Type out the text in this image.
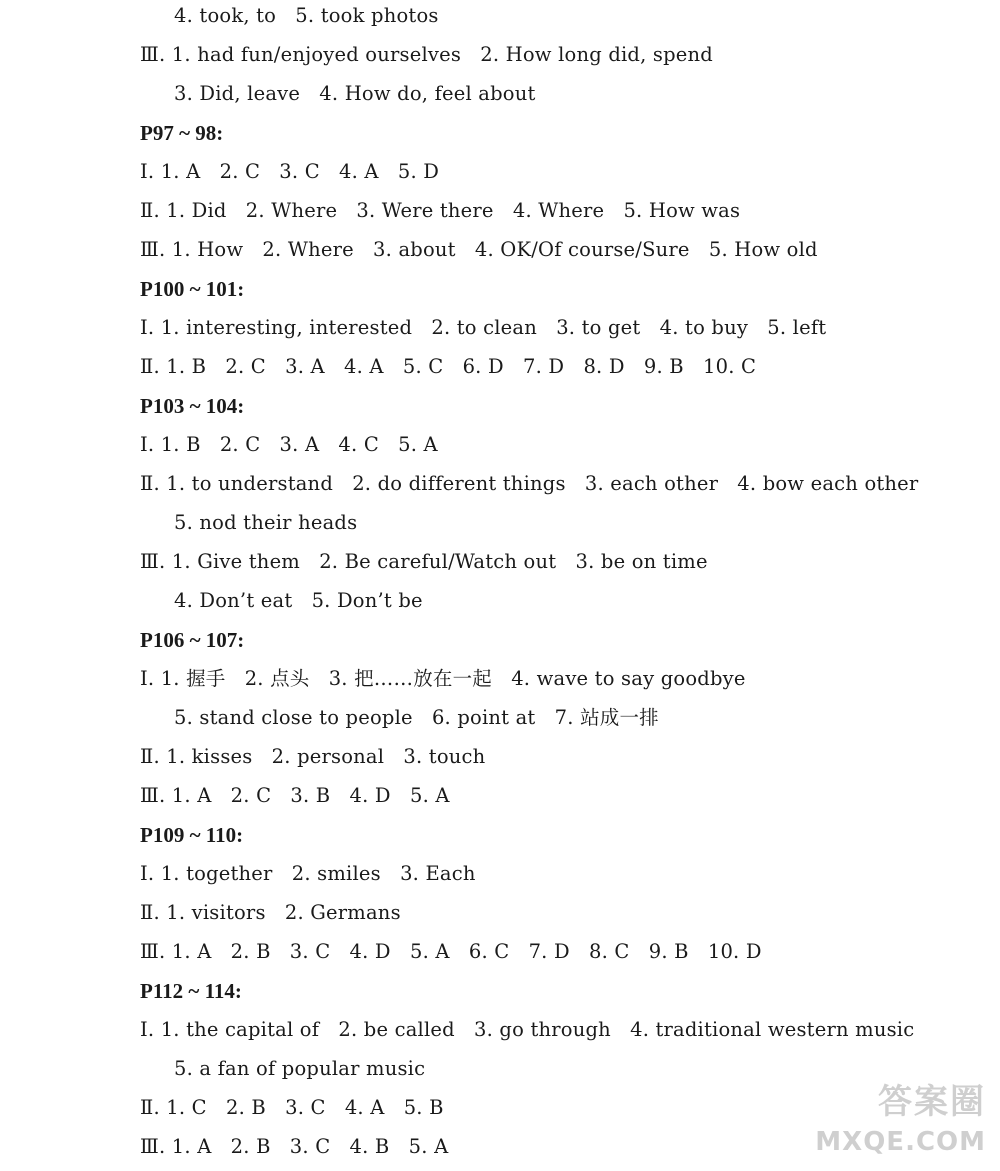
4. took, to   5. took photos
Ⅲ. 1. had fun/enjoyed ourselves   2. How long did, spend
3. Did, leave   4. How do, feel about
P97 ~ 98:
Ⅰ. 1. A   2. C   3. C   4. A   5. D
Ⅱ. 1. Did   2. Where   3. Were there   4. Where   5. How was
Ⅲ. 1. How   2. Where   3. about   4. OK/Of course/Sure   5. How old
P100 ~ 101:
Ⅰ. 1. interesting, interested   2. to clean   3. to get   4. to buy   5. left
Ⅱ. 1. B   2. C   3. A   4. A   5. C   6. D   7. D   8. D   9. B   10. C
P103 ~ 104:
Ⅰ. 1. B   2. C   3. A   4. C   5. A
Ⅱ. 1. to understand   2. do different things   3. each other   4. bow each other
5. nod their heads
Ⅲ. 1. Give them   2. Be careful/Watch out   3. be on time
4. Don’t eat   5. Don’t be
P106 ~ 107:
Ⅰ. 1. 握手   2. 点头   3. 把……放在一起   4. wave to say goodbye
5. stand close to people   6. point at   7. 站成一排
Ⅱ. 1. kisses   2. personal   3. touch
Ⅲ. 1. A   2. C   3. B   4. D   5. A
P109 ~ 110:
Ⅰ. 1. together   2. smiles   3. Each
Ⅱ. 1. visitors   2. Germans
Ⅲ. 1. A   2. B   3. C   4. D   5. A   6. C   7. D   8. C   9. B   10. D
P112 ~ 114:
Ⅰ. 1. the capital of   2. be called   3. go through   4. traditional western music
5. a fan of popular music
Ⅱ. 1. C   2. B   3. C   4. A   5. B
Ⅲ. 1. A   2. B   3. C   4. B   5. A
答案圈
MXQE.COM
